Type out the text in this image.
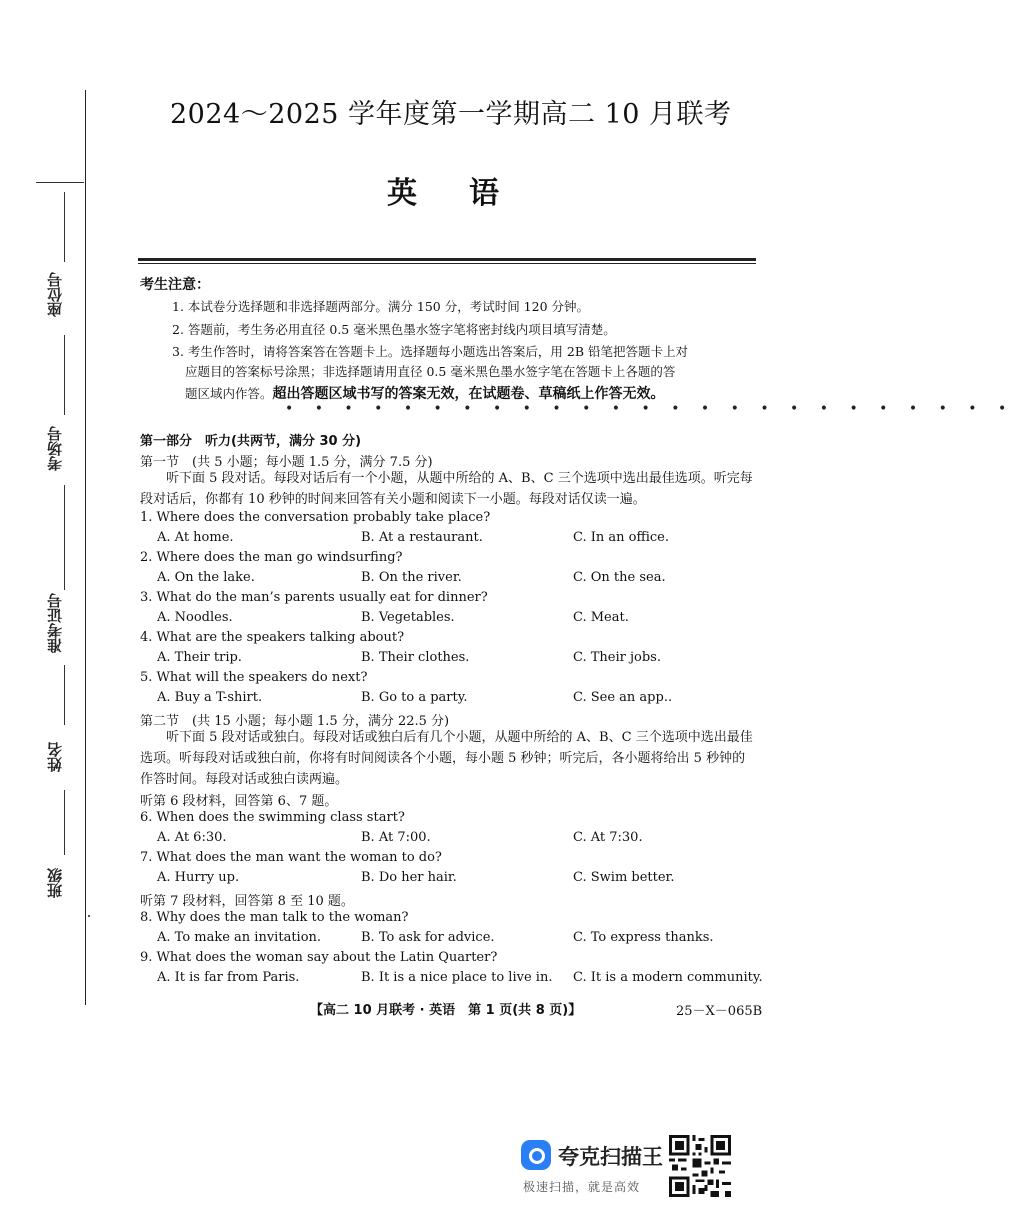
座位号
考场号
准考证号
姓名
班级
2024～2025 学年度第一学期高二 10 月联考
英语
考生注意：
1. 本试卷分选择题和非选择题两部分。满分 150 分，考试时间 120 分钟。
2. 答题前，考生务必用直径 0.5 毫米黑色墨水签字笔将密封线内项目填写清楚。
3. 考生作答时，请将答案答在答题卡上。选择题每小题选出答案后，用 2B 铅笔把答题卡上对
应题目的答案标号涂黑；非选择题请用直径 0.5 毫米黑色墨水签字笔在答题卡上各题的答
题区域内作答。超出答题区域书写的答案无效，在试题卷、草稿纸上作答无效。
• • • • • • • • • • • • • • • • • • • • • • • • •
第一部分　听力(共两节，满分 30 分)
第一节　(共 5 小题；每小题 1.5 分，满分 7.5 分)
听下面 5 段对话。每段对话后有一个小题，从题中所给的 A、B、C 三个选项中选出最佳选项。听完每段对话后，你都有 10 秒钟的时间来回答有关小题和阅读下一小题。每段对话仅读一遍。
1. Where does the conversation probably take place?
A. At home.	B. At a restaurant.	C. In an office.
2. Where does the man go windsurfing?
A. On the lake.	B. On the river.	C. On the sea.
3. What do the man’s parents usually eat for dinner?
A. Noodles.	B. Vegetables.	C. Meat.
4. What are the speakers talking about?
A. Their trip.	B. Their clothes.	C. Their jobs.
5. What will the speakers do next?
A. Buy a T-shirt.	B. Go to a party.	C. See an app..
第二节　(共 15 小题；每小题 1.5 分，满分 22.5 分)
听下面 5 段对话或独白。每段对话或独白后有几个小题，从题中所给的 A、B、C 三个选项中选出最佳选项。听每段对话或独白前，你将有时间阅读各个小题，每小题 5 秒钟；听完后，各小题将给出 5 秒钟的作答时间。每段对话或独白读两遍。
听第 6 段材料，回答第 6、7 题。
6. When does the swimming class start?
A. At 6:30.	B. At 7:00.	C. At 7:30.
7. What does the man want the woman to do?
A. Hurry up.	B. Do her hair.	C. Swim better.
听第 7 段材料，回答第 8 至 10 题。
8. Why does the man talk to the woman?
A. To make an invitation.	B. To ask for advice.	C. To express thanks.
9. What does the woman say about the Latin Quarter?
A. It is far from Paris.	B. It is a nice place to live in. C. It is a modern community.
【高二 10 月联考 · 英语　第 1 页(共 8 页)】	25－X－065B
夸克扫描王
极速扫描，就是高效
